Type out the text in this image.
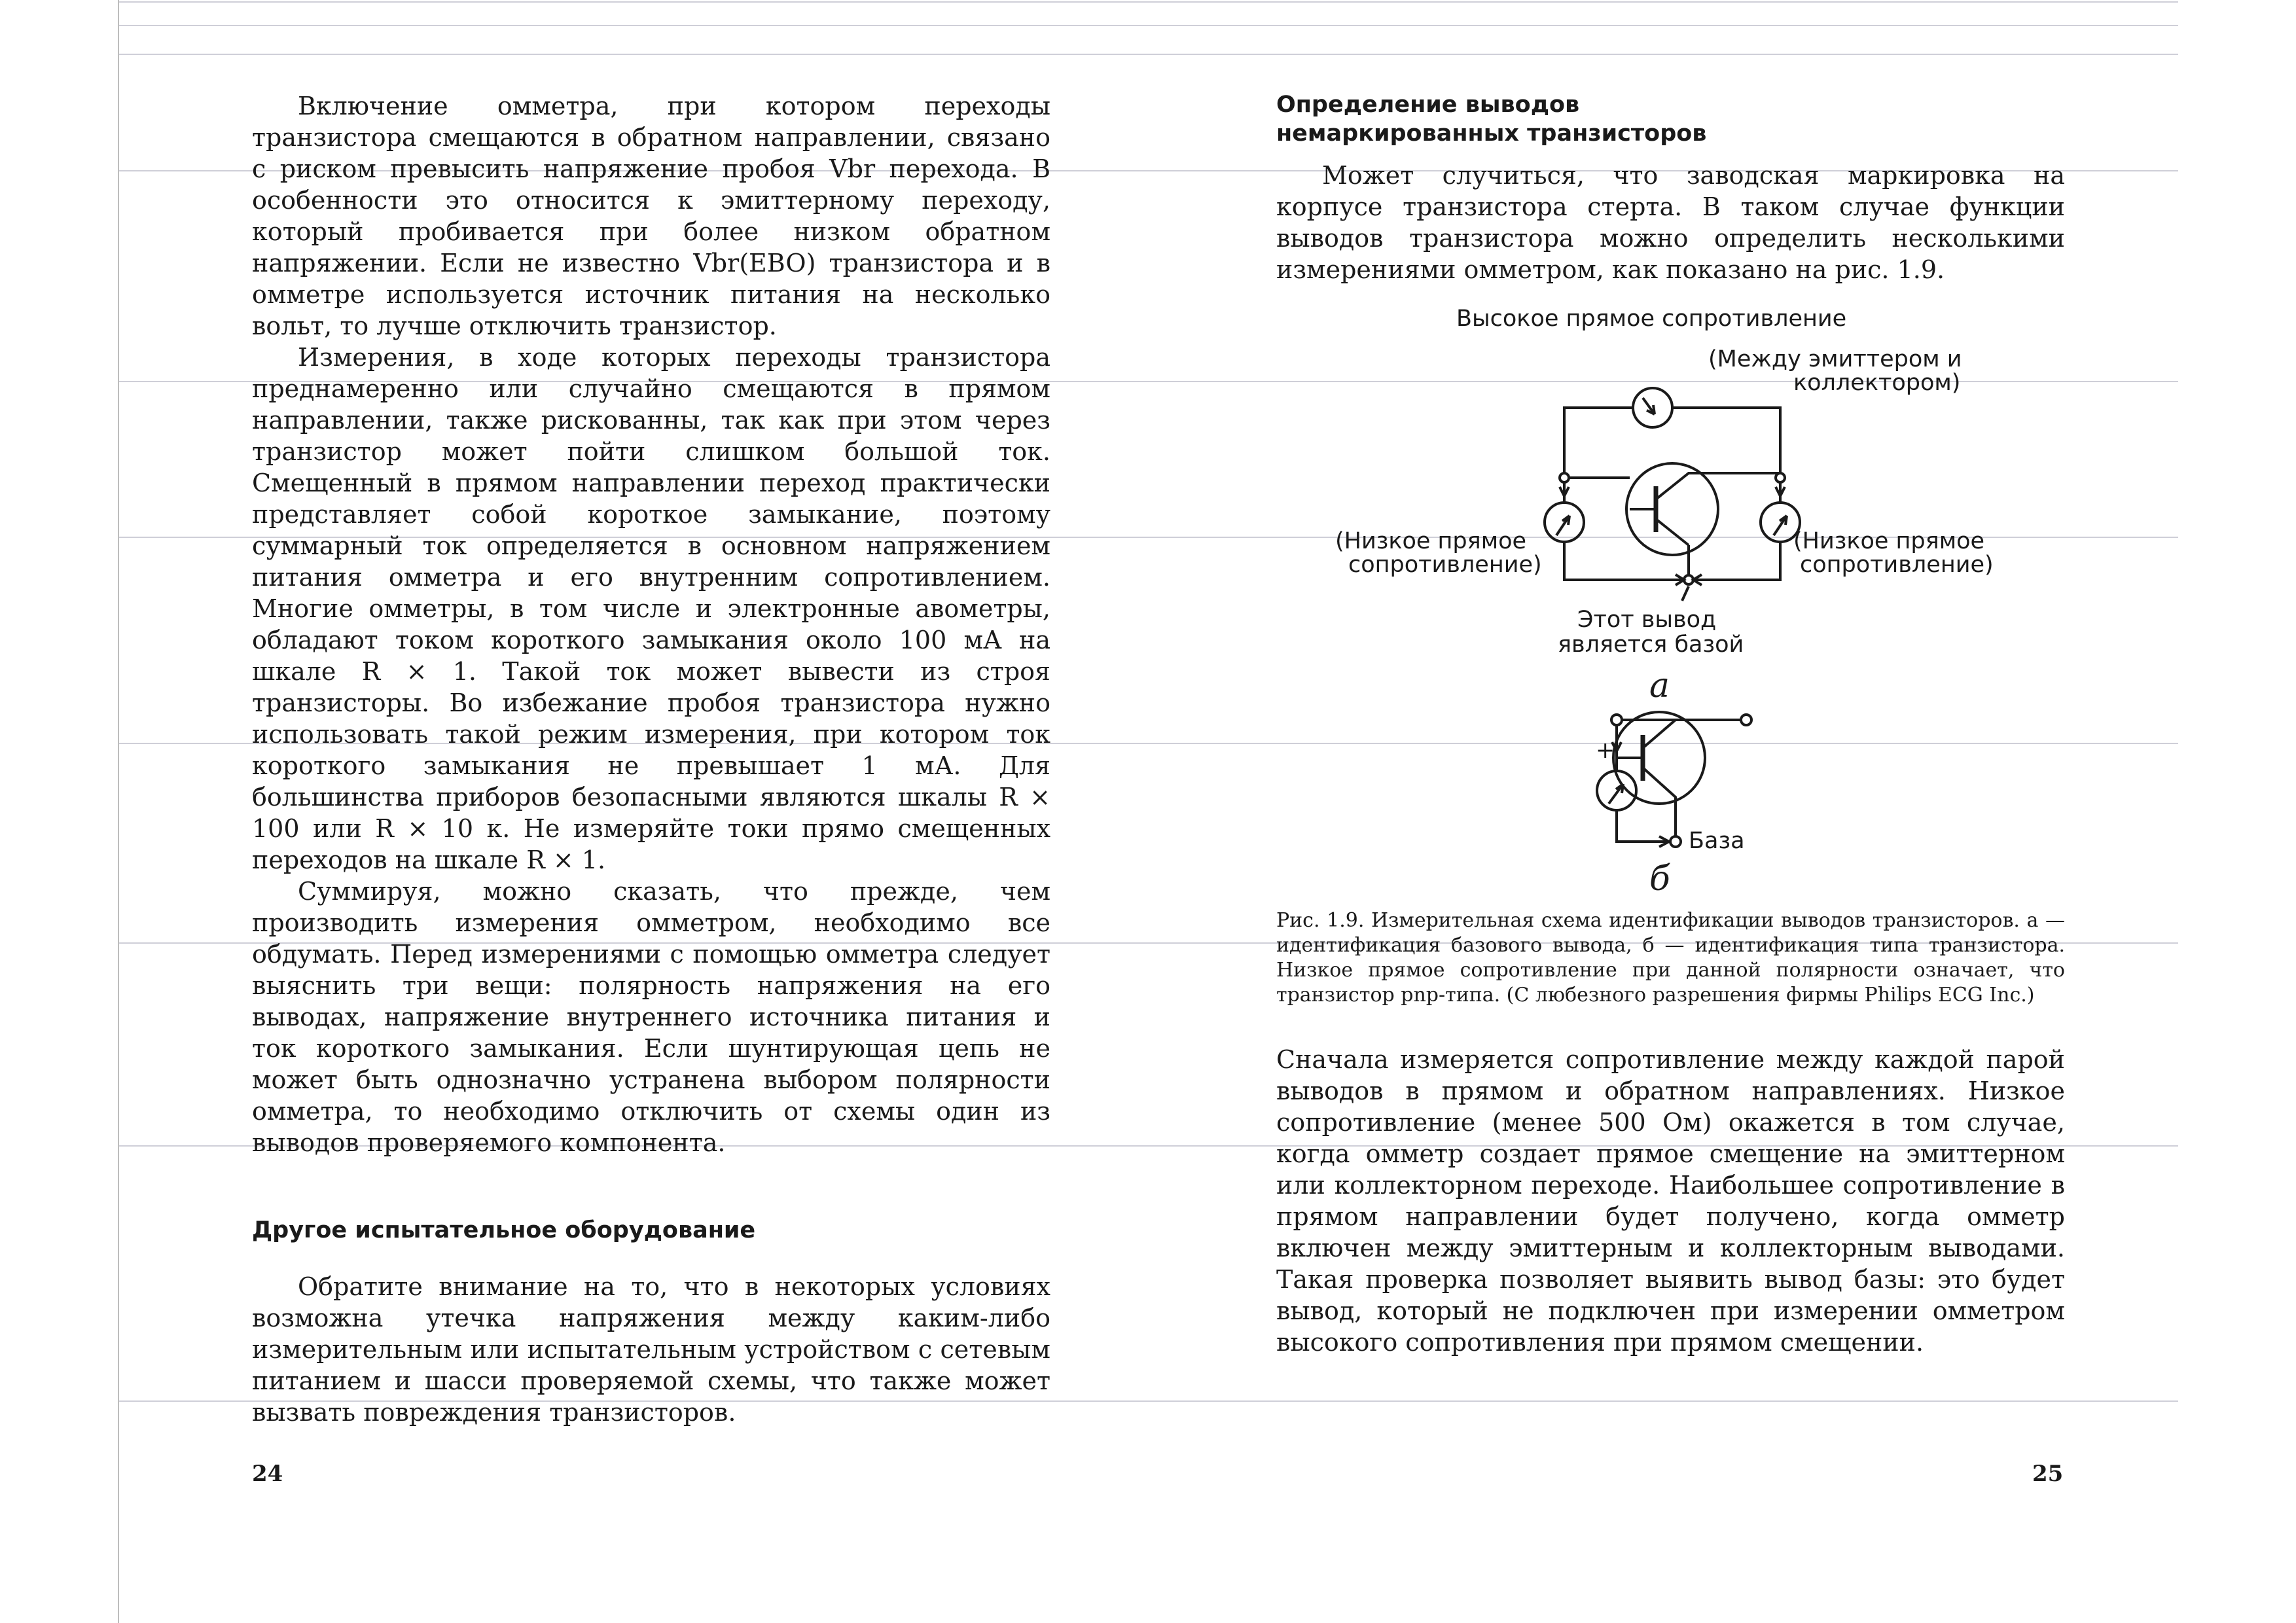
Включение омметра, при котором переходы транзистора смещаются в обратном направлении, связано с риском превысить напряжение пробоя Vbr перехода. В особенности это относится к эмиттерному переходу, который пробивается при более низком обратном напряжении. Если не известно Vbr(EBO) транзистора и в омметре используется источник питания на несколько вольт, то лучше отключить транзистор.

Измерения, в ходе которых переходы транзистора преднамеренно или случайно смещаются в прямом направлении, также рискованны, так как при этом через транзистор может пойти слишком большой ток. Смещенный в прямом направлении переход практически представляет собой короткое замыкание, поэтому суммарный ток определяется в основном напряжением питания омметра и его внутренним сопротивлением. Многие омметры, в том числе и электронные авометры, обладают током короткого замыкания около 100 мА на шкале R × 1. Такой ток может вывести из строя транзисторы. Во избежание пробоя транзистора нужно использовать такой режим измерения, при котором ток короткого замыкания не превышает 1 мА. Для большинства приборов безопасными являются шкалы R × 100 или R × 10 к. Не измеряйте токи прямо смещенных переходов на шкале R × 1.

Суммируя, можно сказать, что прежде, чем производить измерения омметром, необходимо все обдумать. Перед измерениями с помощью омметра следует выяснить три вещи: полярность напряжения на его выводах, напряжение внутреннего источника питания и ток короткого замыкания. Если шунтирующая цепь не может быть однозначно устранена выбором полярности омметра, то необходимо отключить от схемы один из выводов проверяемого компонента.

Другое испытательное оборудование

Обратите внимание на то, что в некоторых условиях возможна утечка напряжения между каким-либо измерительным или испытательным устройством с сетевым питанием и шасси проверяемой схемы, что также может вызвать повреждения транзисторов.

24

Определение выводов

немаркированных транзисторов

Может случиться, что заводская маркировка на корпусе транзистора стерта. В таком случае функции выводов транзистора можно определить несколькими измерениями омметром, как показано на рис. 1.9.

Высокое прямое сопротивление
(Между эмиттером и
коллектором)
(Низкое прямое
сопротивление)
(Низкое прямое
сопротивление)
Этот вывод
является базой
а
+
База
б

Рис. 1.9. Измерительная схема идентификации выводов транзисторов. а — идентификация базового вывода, б — идентификация типа транзистора. Низкое прямое сопротивление при данной полярности означает, что транзистор pnp-типа. (С любезного разрешения фирмы Philips ECG Inc.)

Сначала измеряется сопротивление между каждой парой выводов в прямом и обратном направлениях. Низкое сопротивление (менее 500 Ом) окажется в том случае, когда омметр создает прямое смещение на эмиттерном или коллекторном переходе. Наибольшее сопротивление в прямом направлении будет получено, когда омметр включен между эмиттерным и коллекторным выводами. Такая проверка позволяет выявить вывод базы: это будет вывод, который не подключен при измерении омметром высокого сопротивления при прямом смещении.

25
